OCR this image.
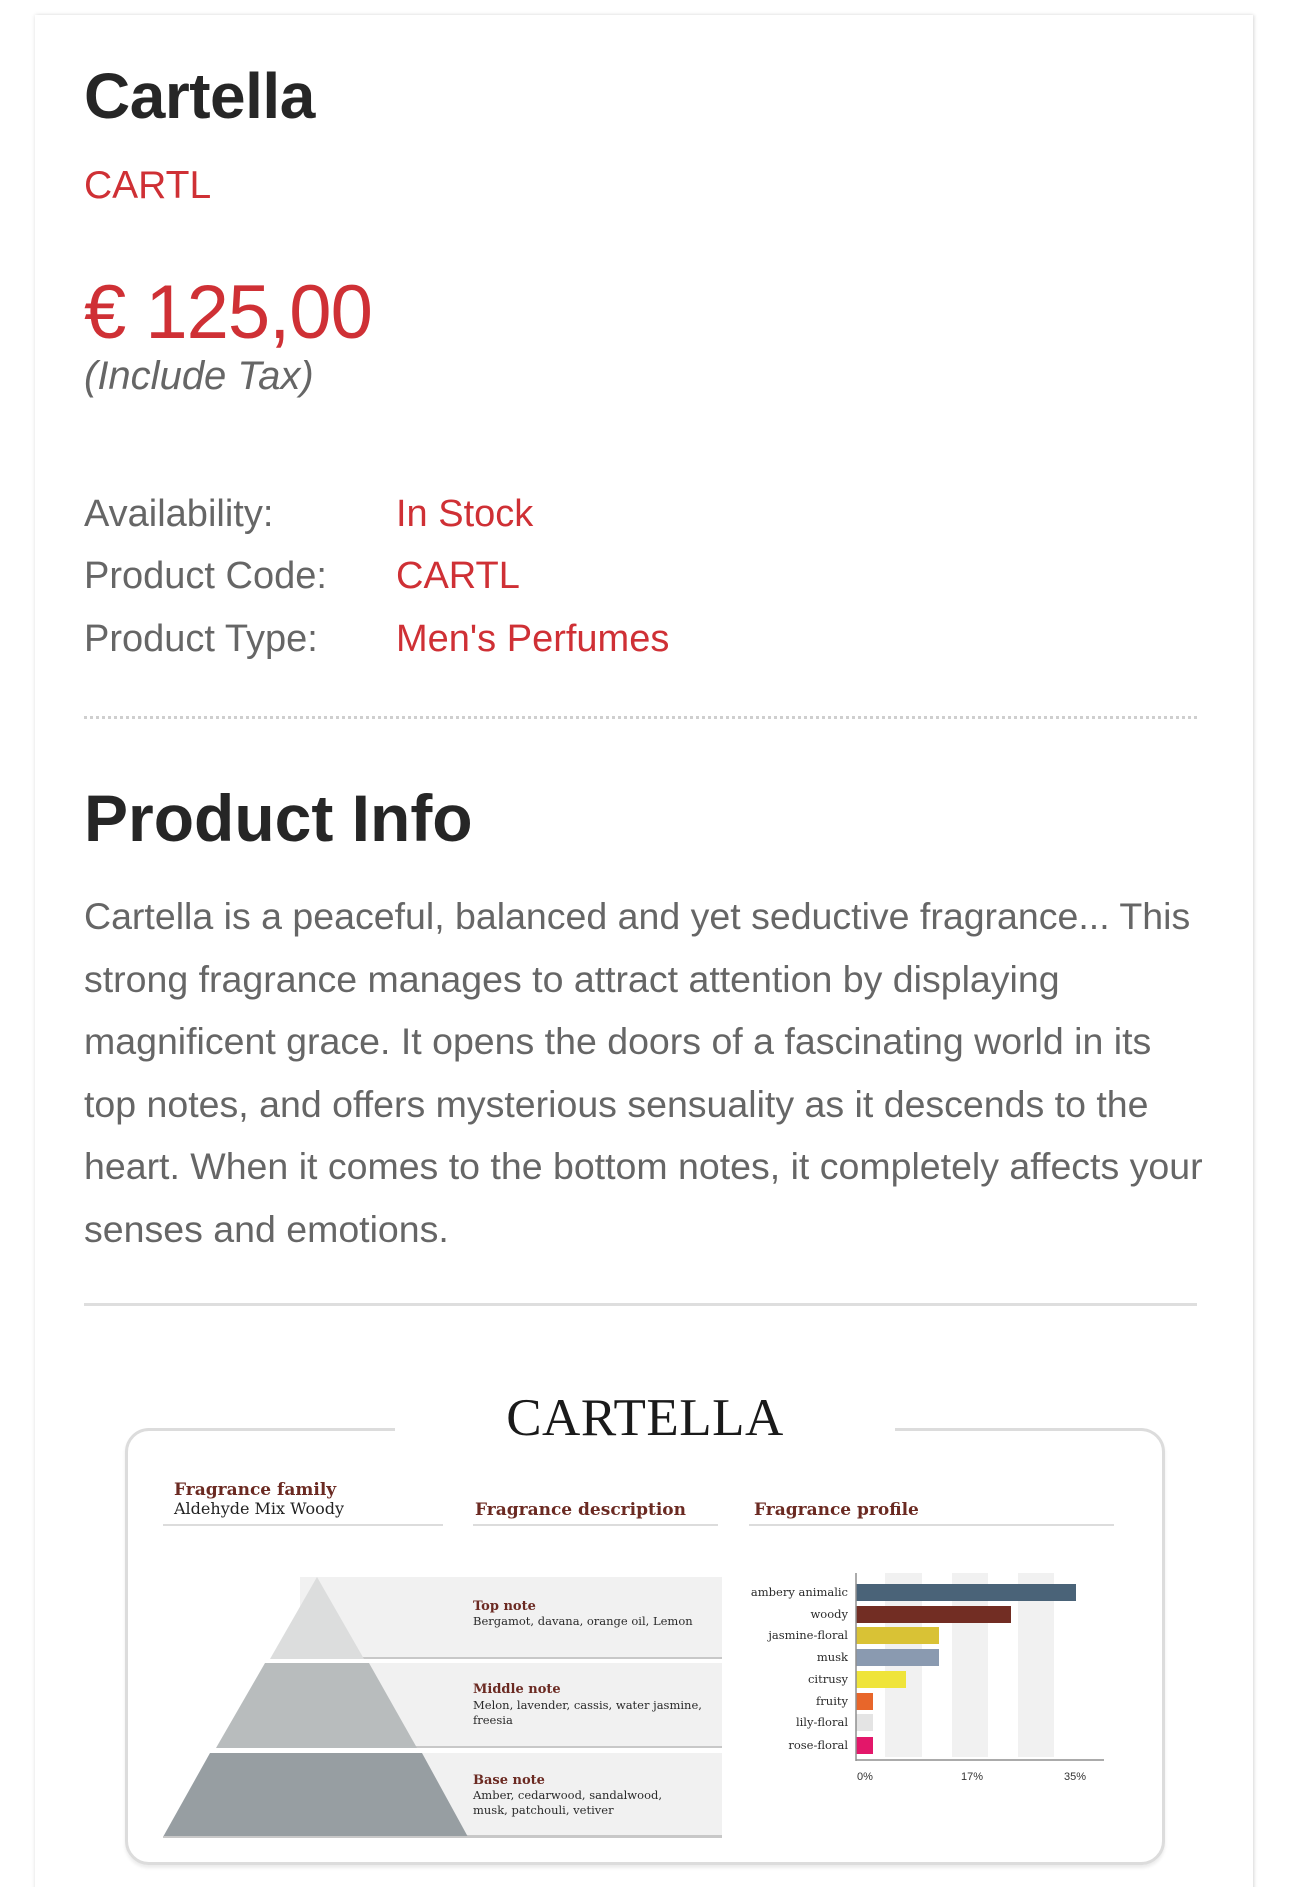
Cartella
CARTL
€ 125,00
(Include Tax)
Availability:	In Stock
Product Code: CARTL
Product Type: Men's Perfumes
Product Info

Cartella is a peaceful, balanced and yet seductive fragrance... This strong fragrance manages to attract attention by displaying magnificent grace. It opens the doors of a fascinating world in its top notes, and offers mysterious sensuality as it descends to the heart. When it comes to the bottom notes, it completely affects your senses and emotions.

CARTELLA
Fragrance family
Aldehyde Mix Woody	Fragrance description	Fragrance profile
Top note
Bergamot, davana, orange oil, Lemon
Middle note
Melon, lavender, cassis, water jasmine, freesia
Base note
Amber, cedarwood, sandalwood, musk, patchouli, vetiver
ambery animalic
woody
jasmine-floral
musk
citrusy
fruity
lily-floral
rose-floral
0%	17%	35%
